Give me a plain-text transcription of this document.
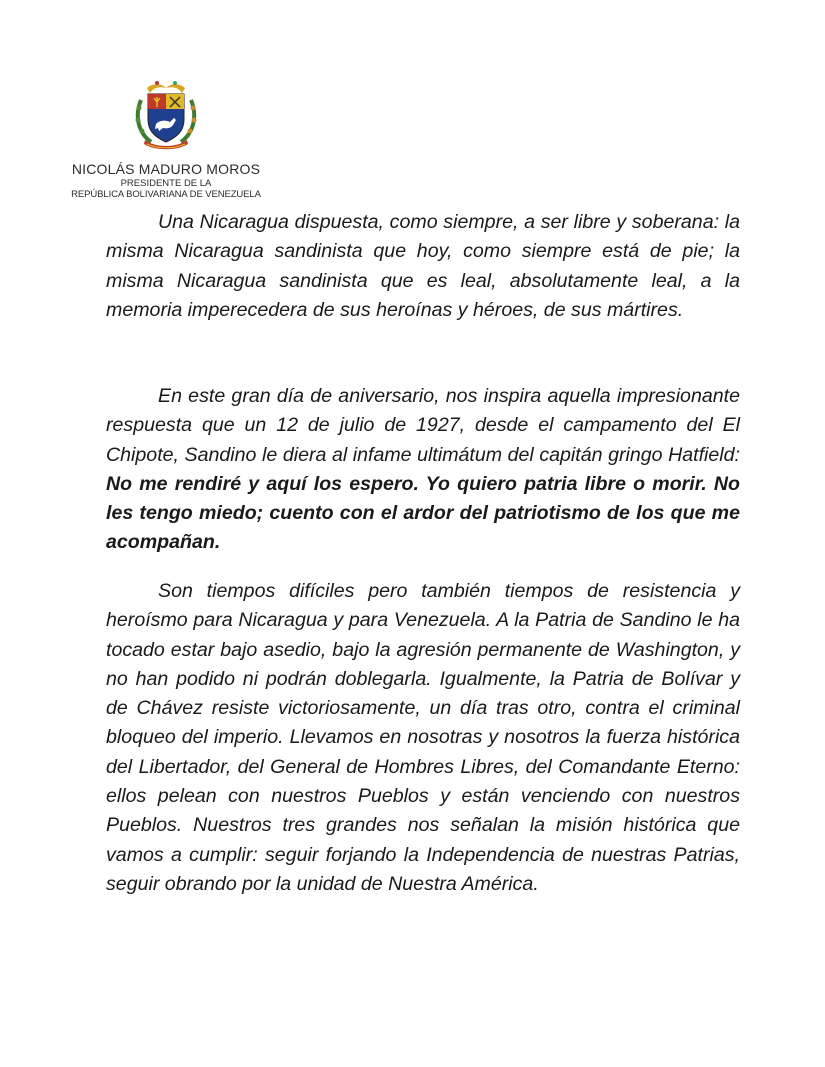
NICOLÁS MADURO MOROS
PRESIDENTE DE LA
REPÚBLICA BOLIVARIANA DE VENEZUELA

Una Nicaragua dispuesta, como siempre, a ser libre y soberana: la misma Nicaragua sandinista que hoy, como siempre está de pie; la misma Nicaragua sandinista que es leal, absolutamente leal, a la memoria imperecedera de sus heroínas y héroes, de sus mártires.

En este gran día de aniversario, nos inspira aquella impresionante respuesta que un 12 de julio de 1927, desde el campamento del El Chipote, Sandino le diera al infame ultimátum del capitán gringo Hatfield: No me rendiré y aquí los espero. Yo quiero patria libre o morir. No les tengo miedo; cuento con el ardor del patriotismo de los que me acompañan.

Son tiempos difíciles pero también tiempos de resistencia y heroísmo para Nicaragua y para Venezuela. A la Patria de Sandino le ha tocado estar bajo asedio, bajo la agresión permanente de Washington, y no han podido ni podrán doblegarla. Igualmente, la Patria de Bolívar y de Chávez resiste victoriosamente, un día tras otro, contra el criminal bloqueo del imperio. Llevamos en nosotras y nosotros la fuerza histórica del Libertador, del General de Hombres Libres, del Comandante Eterno: ellos pelean con nuestros Pueblos y están venciendo con nuestros Pueblos. Nuestros tres grandes nos señalan la misión histórica que vamos a cumplir: seguir forjando la Independencia de nuestras Patrias, seguir obrando por la unidad de Nuestra América.
